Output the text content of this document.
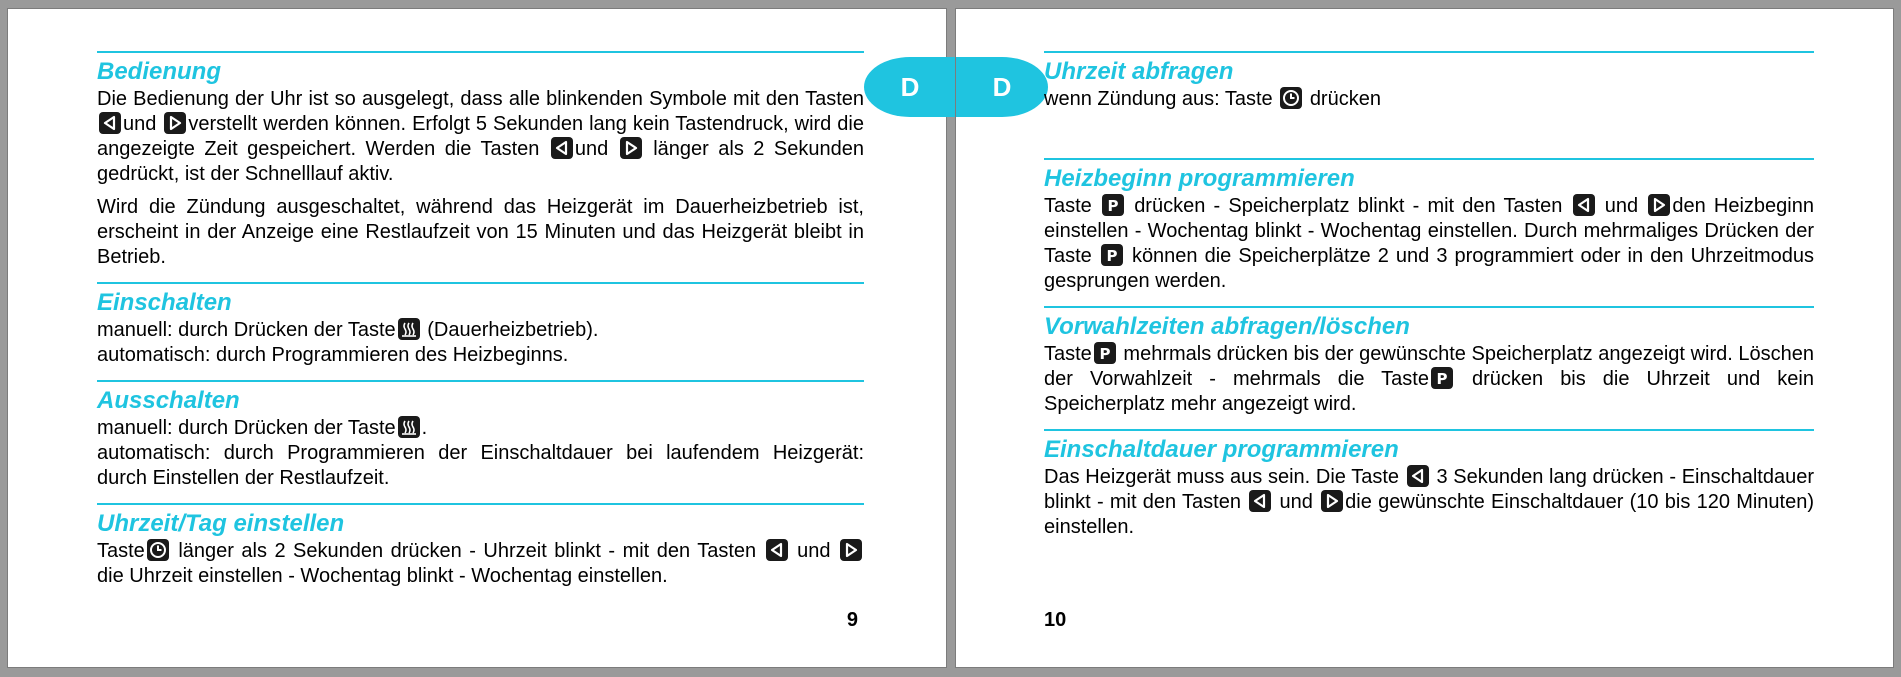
Bedienung

Die Bedienung der Uhr ist so ausgelegt, dass alle blinkenden Symbole mit den Tasten
und verstellt werden können. Erfolgt 5 Sekunden lang kein Tastendruck, wird die angezeigte Zeit gespeichert. Werden die Tasten und länger als 2 Sekunden gedrückt, ist der Schnelllauf aktiv.

Wird die Zündung ausgeschaltet, während das Heizgerät im Dauerheizbetrieb ist, erscheint in der Anzeige eine Restlaufzeit von 15 Minuten und das Heizgerät bleibt in Betrieb.

Einschalten

manuell: durch Drücken der Taste (Dauerheizbetrieb).
automatisch: durch Programmieren des Heizbeginns.

Ausschalten

manuell: durch Drücken der Taste .
automatisch: durch Programmieren der Einschaltdauer bei laufendem Heizgerät: durch Einstellen der Restlaufzeit.

Uhrzeit/Tag einstellen

Taste länger als 2 Sekunden drücken - Uhrzeit blinkt - mit den Tasten und
die Uhrzeit einstellen - Wochentag blinkt - Wochentag einstellen.

9
D	D
Uhrzeit abfragen

wenn Zündung aus: Taste drücken

Heizbeginn programmieren

Taste P drücken - Speicherplatz blinkt - mit den Tasten und den Heizbeginn einstellen - Wochentag blinkt - Wochentag einstellen. Durch mehrmaliges Drücken der Taste P können die Speicherplätze 2 und 3 programmiert oder in den Uhrzeitmodus gesprungen werden.

Vorwahlzeiten abfragen/löschen

Taste P mehrmals drücken bis der gewünschte Speicherplatz angezeigt wird. Löschen der Vorwahlzeit - mehrmals die Taste P drücken bis die Uhrzeit und kein Speicherplatz mehr angezeigt wird.

Einschaltdauer programmieren

Das Heizgerät muss aus sein. Die Taste 3 Sekunden lang drücken - Einschaltdauer blinkt - mit den Tasten und die gewünschte Einschaltdauer (10 bis 120 Minuten) einstellen.

10
